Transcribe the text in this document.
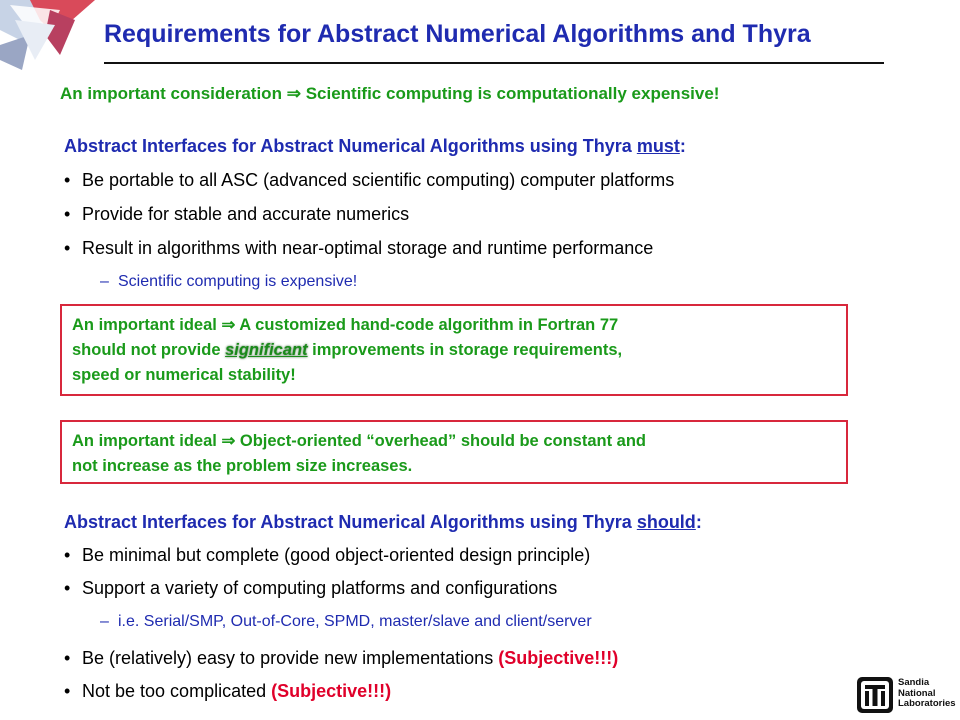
Requirements for Abstract Numerical Algorithms and Thyra
An important consideration ⇒ Scientific computing is computationally expensive!
Abstract Interfaces for Abstract Numerical Algorithms using Thyra must:
• Be portable to all ASC (advanced scientific computing) computer platforms
• Provide for stable and accurate numerics
• Result in algorithms with near-optimal storage and runtime performance
– Scientific computing is expensive!
An important ideal ⇒ A customized hand-code algorithm in Fortran 77
should not provide significant improvements in storage requirements,
speed or numerical stability!
An important ideal ⇒ Object-oriented “overhead” should be constant and
not increase as the problem size increases.
Abstract Interfaces for Abstract Numerical Algorithms using Thyra should:
• Be minimal but complete (good object-oriented design principle)
• Support a variety of computing platforms and configurations
– i.e. Serial/SMP, Out-of-Core, SPMD, master/slave and client/server
• Be (relatively) easy to provide new implementations (Subjective!!!)
• Not be too complicated (Subjective!!!)	Sandia
National
Laboratories
